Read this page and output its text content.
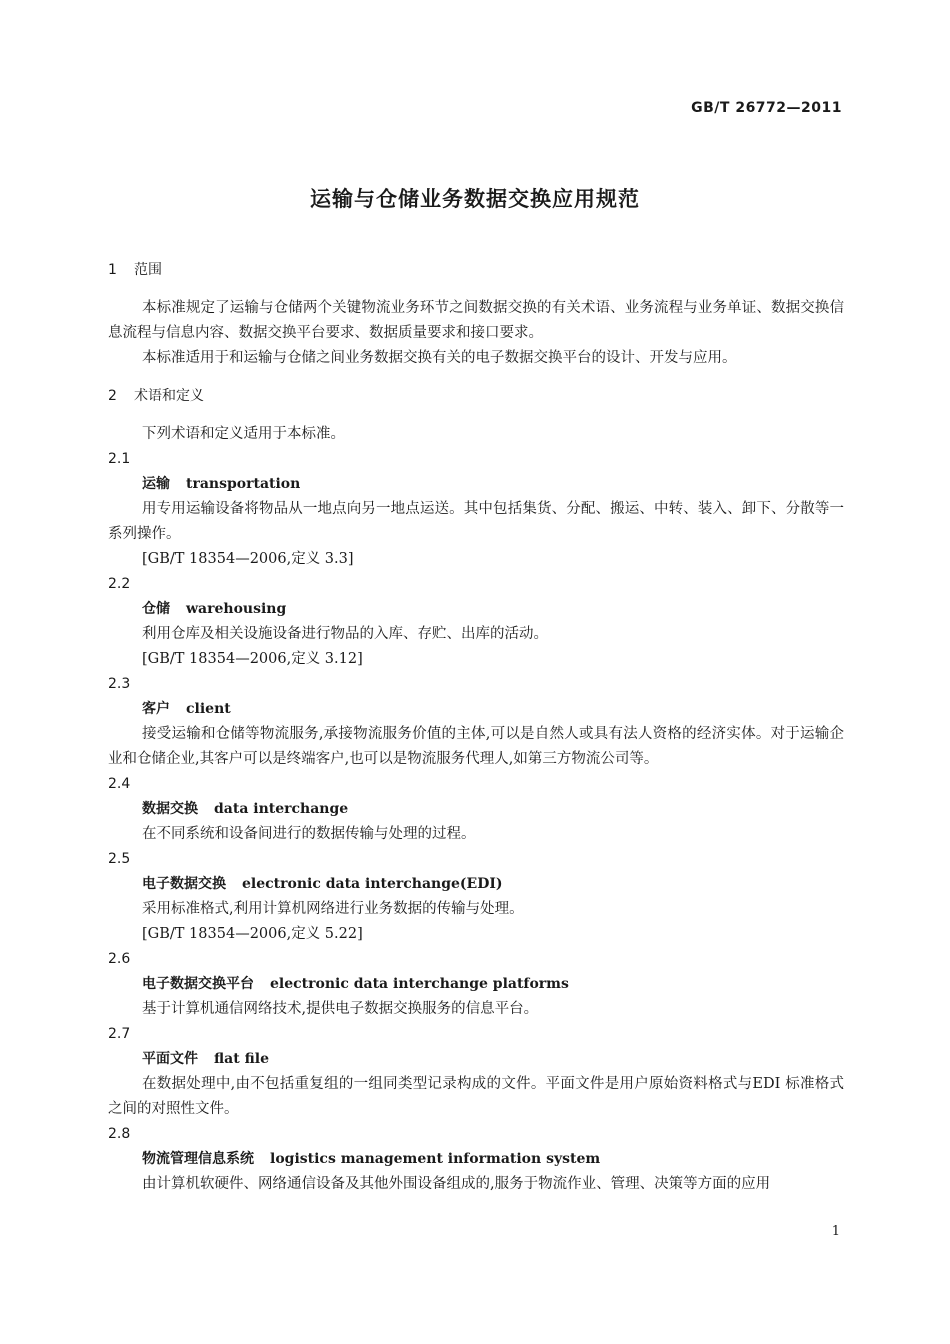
GB/T 26772—2011
运输与仓储业务数据交换应用规范
1 范围
本标准规定了运输与仓储两个关键物流业务环节之间数据交换的有关术语、业务流程与业务单证、数据交换信息流程与信息内容、数据交换平台要求、数据质量要求和接口要求。
本标准适用于和运输与仓储之间业务数据交换有关的电子数据交换平台的设计、开发与应用。
2 术语和定义
下列术语和定义适用于本标准。
2.1
运输 transportation
用专用运输设备将物品从一地点向另一地点运送。其中包括集货、分配、搬运、中转、装入、卸下、分散等一系列操作。
[GB/T 18354—2006,定义 3.3]
2.2
仓储 warehousing
利用仓库及相关设施设备进行物品的入库、存贮、出库的活动。
[GB/T 18354—2006,定义 3.12]
2.3
客户 client
接受运输和仓储等物流服务,承接物流服务价值的主体,可以是自然人或具有法人资格的经济实体。对于运输企业和仓储企业,其客户可以是终端客户,也可以是物流服务代理人,如第三方物流公司等。
2.4
数据交换 data interchange
在不同系统和设备间进行的数据传输与处理的过程。
2.5
电子数据交换 electronic data interchange(EDI)
采用标准格式,利用计算机网络进行业务数据的传输与处理。
[GB/T 18354—2006,定义 5.22]
2.6
电子数据交换平台 electronic data interchange platforms
基于计算机通信网络技术,提供电子数据交换服务的信息平台。
2.7
平面文件 flat file
在数据处理中,由不包括重复组的一组同类型记录构成的文件。平面文件是用户原始资料格式与EDI 标准格式之间的对照性文件。
2.8
物流管理信息系统 logistics management information system
由计算机软硬件、网络通信设备及其他外围设备组成的,服务于物流作业、管理、决策等方面的应用
1
